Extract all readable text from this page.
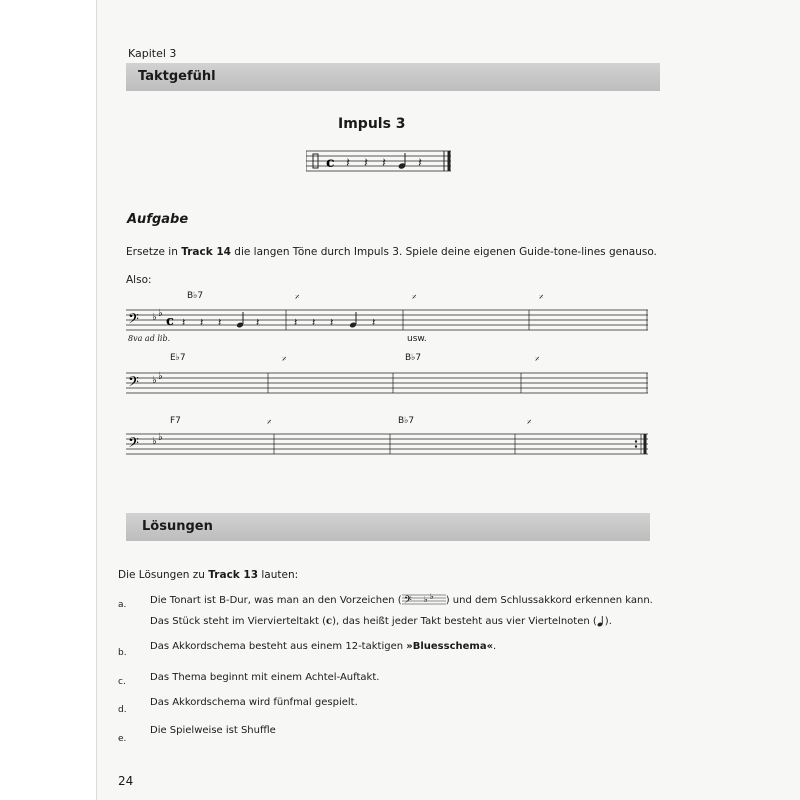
Kapitel 3
Taktgefühl
Impuls 3
c 𝄽 𝄽 𝄽 𝄽
Aufgabe
Ersetze in Track 14 die langen Töne durch Impuls 3. Spiele deine eigenen Guide-tone-lines genauso.
Also:
B♭7	𝄎	𝄎	𝄎
𝄢 ♭ ♭
c 𝄽 𝄽 𝄽	𝄽	𝄽 𝄽 𝄽	𝄽
8va ad lib.	usw.
E♭7	𝄎	B♭7	𝄎
𝄢 ♭ ♭
F7	𝄎	B♭7	𝄎
𝄢 ♭ ♭
Lösungen
Die Lösungen zu Track 13 lauten:
a. Die Tonart ist B-Dur, was man an den Vorzeichen ( 𝄢 ♭ ♭ ) und dem Schlussakkord erkennen kann.
Das Stück steht im Viervierteltakt (c), das heißt jeder Takt besteht aus vier Viertelnoten ( ).
b.
Das Akkordschema besteht aus einem 12-taktigen »Bluesschema«.
c. Das Thema beginnt mit einem Achtel-Auftakt.
d.
Das Akkordschema wird fünfmal gespielt.
e.
Die Spielweise ist Shuffle
24
